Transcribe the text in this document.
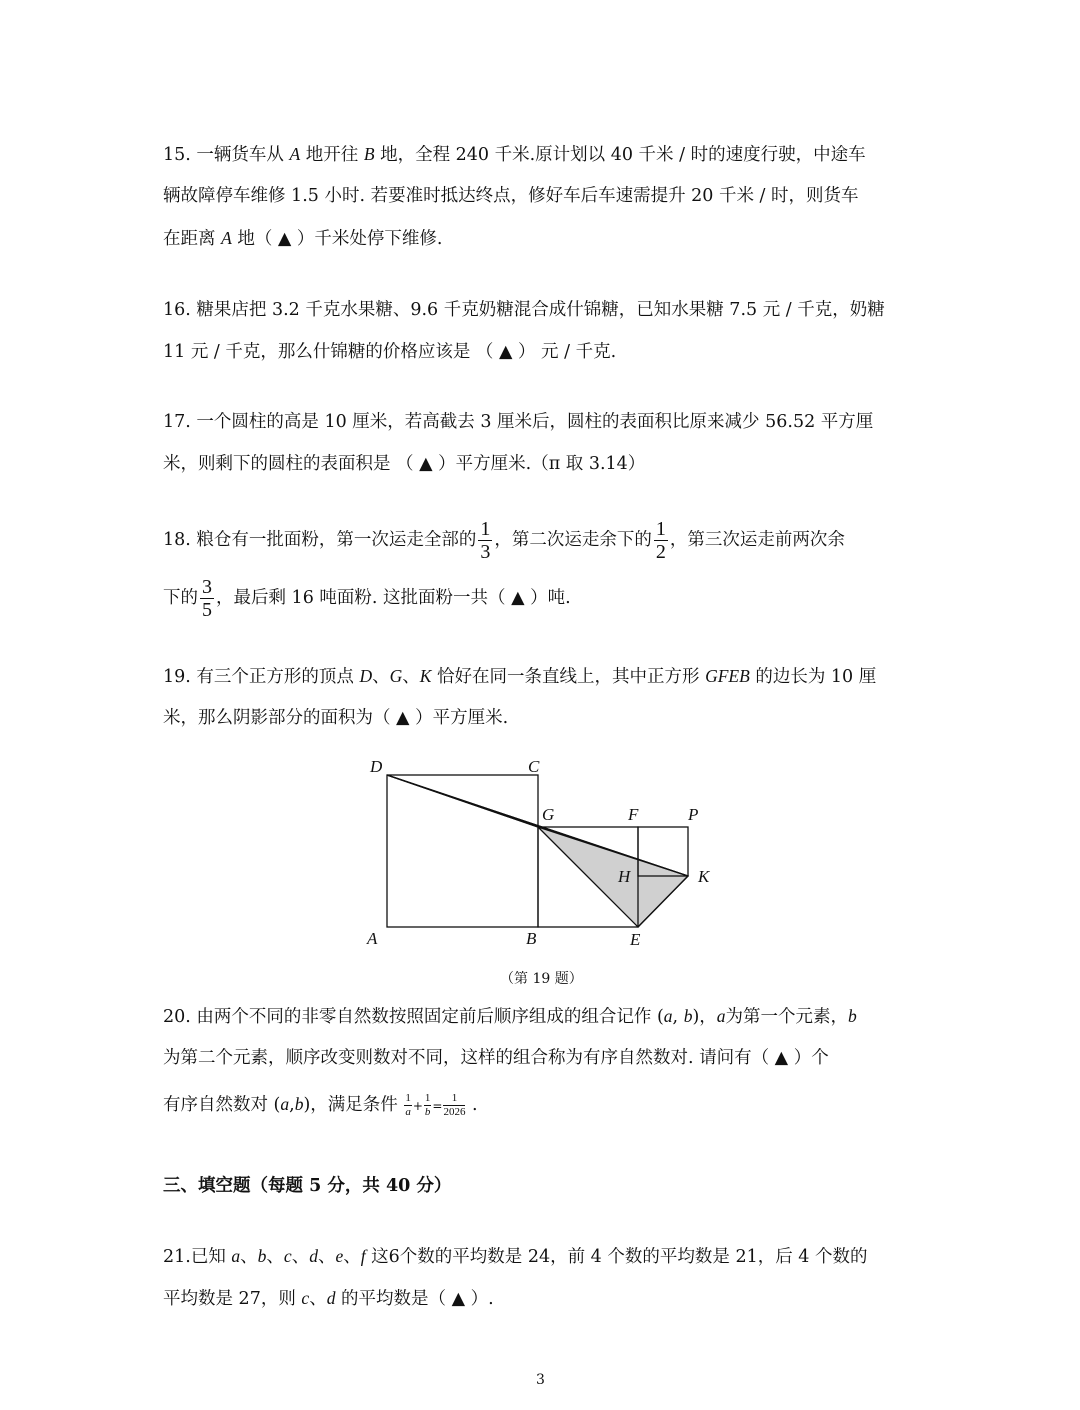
15. 一辆货车从 A 地开往 B 地，全程 240 千米.原计划以 40 千米 / 时的速度行驶，中途车
辆故障停车维修 1.5 小时. 若要准时抵达终点，修好车后车速需提升 20 千米 / 时，则货车
在距离 A 地（ ▲ ）千米处停下维修.
16. 糖果店把 3.2 千克水果糖、9.6 千克奶糖混合成什锦糖，已知水果糖 7.5 元 / 千克，奶糖
11 元 / 千克，那么什锦糖的价格应该是 （ ▲ ） 元 / 千克.
17. 一个圆柱的高是 10 厘米，若高截去 3 厘米后，圆柱的表面积比原来减少 56.52 平方厘
米，则剩下的圆柱的表面积是 （ ▲ ）平方厘米.（π 取 3.14）
18. 粮仓有一批面粉，第一次运走全部的 $\frac{1}{3}$ ，第二次运走余下的 $\frac{1}{2}$ ，第三次运走前两次余
下的 $\frac{3}{5}$ ，最后剩 16 吨面粉. 这批面粉一共（ ▲ ）吨.
19. 有三个正方形的顶点 D、G、K 恰好在同一条直线上，其中正方形 GFEB 的边长为 10 厘
米，那么阴影部分的面积为（ ▲ ）平方厘米.
D	C
G	F	P
H	K
A	B	E
（第 19 题）
20. 由两个不同的非零自然数按照固定前后顺序组成的组合记作 (a, b)，a为第一个元素，b
为第二个元素，顺序改变则数对不同，这样的组合称为有序自然数对. 请问有（ ▲ ）个
有序自然数对 (a,b)，满足条件 $\frac{1}{a} + \frac{1}{b} = \frac{1}{2026}$ .
三、填空题（每题 5 分，共 40 分）
21.已知 a、b、c、d、e、f 这6个数的平均数是 24，前 4 个数的平均数是 21，后 4 个数的
平均数是 27，则 c、d 的平均数是（ ▲ ）.
3
